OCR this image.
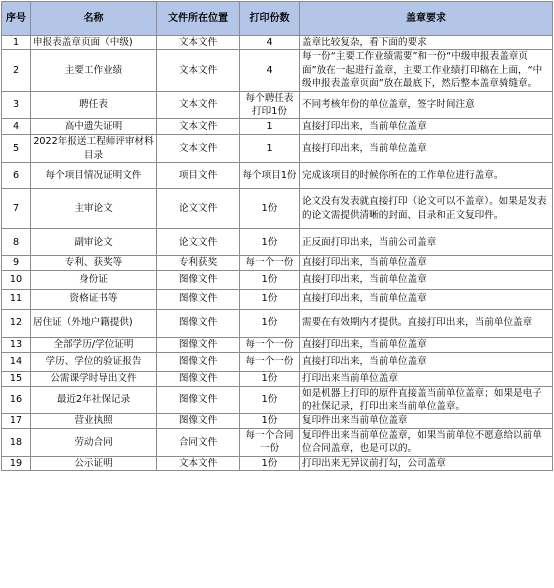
序号	名称	文件所在位置	打印份数	盖章要求
1	申报表盖章页面（中级)	文本文件	4	盖章比较复杂，看下面的要求
2	主要工作业绩	文本文件	4	每一份“主要工作业绩需要”和一份“中级申报表盖章页面”放在一起进行盖章，主要工作业绩打印稿在上面，“中级申报表盖章页面”放在最底下，然后整本盖章骑缝章。
3	聘任表	文本文件	每个聘任表打印1份	不同考核年份的单位盖章，签字时间注意
4	高中遗失证明	文本文件	1	直接打印出来，当前单位盖章
5	2022年报送工程师评审材料目录	文本文件	1	直接打印出来，当前单位盖章
6	每个项目情况证明文件	项目文件	每个项目1份	完成该项目的时候你所在的工作单位进行盖章。
7	主审论文	论文文件	1份	论文没有发表就直接打印（论文可以不盖章）。如果是发表的论文需提供清晰的封面、目录和正文复印件。
8	副审论文	论文文件	1份	正反面打印出来，当前公司盖章
9	专利、获奖等	专利获奖	每一个一份	直接打印出来，当前单位盖章
10	身份证	图像文件	1份	直接打印出来，当前单位盖章
11	资格证书等	图像文件	1份	直接打印出来，当前单位盖章
12	居住证（外地户籍提供)	图像文件	1份	需要在有效期内才提供。直接打印出来，当前单位盖章
13	全部学历/学位证明	图像文件	每一个一份	直接打印出来，当前单位盖章
14	学历、学位的验证报告	图像文件	每一个一份	直接打印出来，当前单位盖章
15	公需课学时导出文件	图像文件	1份	打印出来当前单位盖章
16	最近2年社保记录	图像文件	1份	如是机器上打印的原件直接盖当前单位盖章；如果是电子的社保记录，打印出来当前单位盖章。
17	营业执照	图像文件	1份	复印件出来当前单位盖章
18	劳动合同	合同文件	每一个合同一份	复印件出来当前单位盖章，如果当前单位不愿意给以前单位合同盖章，也是可以的。
19	公示证明	文本文件	1份	打印出来无异议前打勾，公司盖章
